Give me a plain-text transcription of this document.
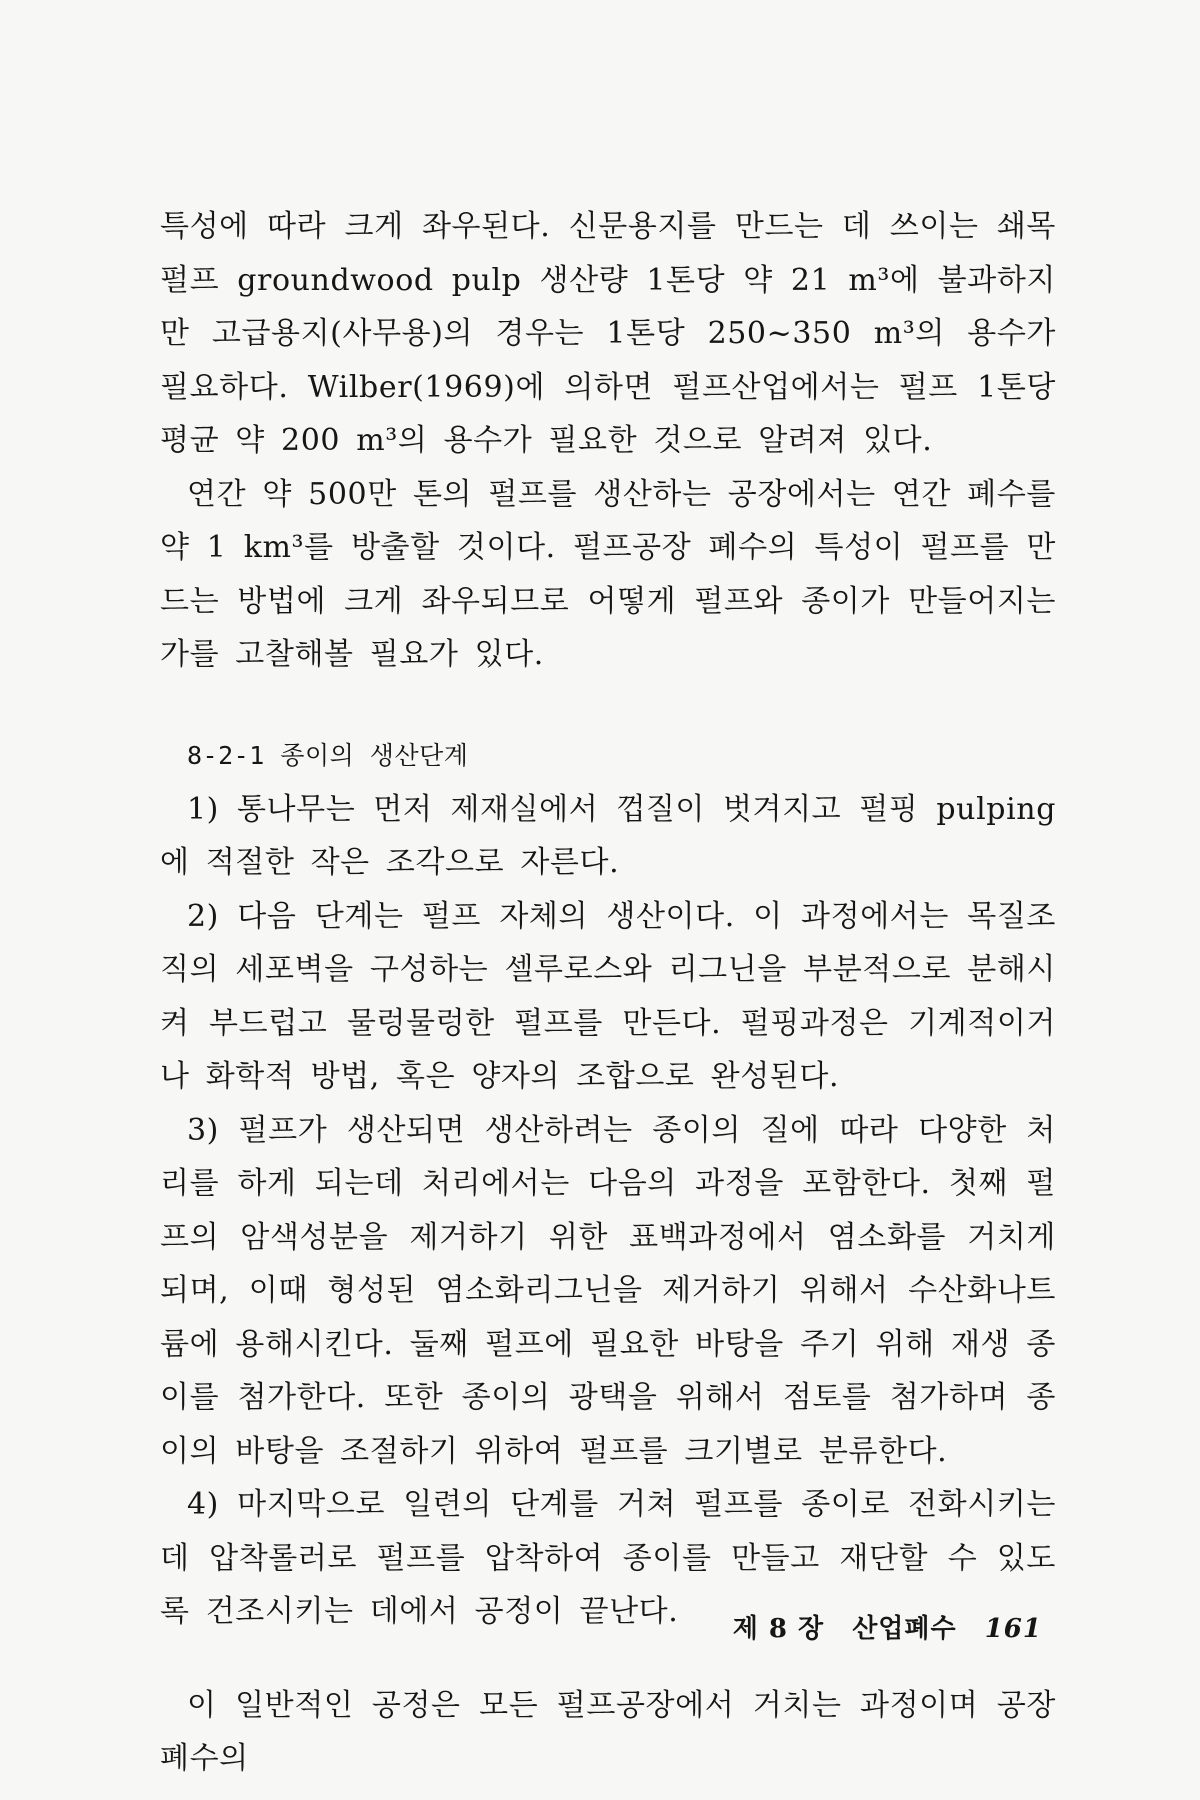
특성에 따라 크게 좌우된다. 신문용지를 만드는 데 쓰이는 쇄목펄프 groundwood pulp 생산량 1톤당 약 21 m³에 불과하지만 고급용지(사무용)의 경우는 1톤당 250~350 m³의 용수가 필요하다. Wilber(1969)에 의하면 펄프산업에서는 펄프 1톤당 평균 약 200 m³의 용수가 필요한 것으로 알려져 있다.

연간 약 500만 톤의 펄프를 생산하는 공장에서는 연간 폐수를 약 1 km³를 방출할 것이다. 펄프공장 폐수의 특성이 펄프를 만드는 방법에 크게 좌우되므로 어떻게 펄프와 종이가 만들어지는가를 고찰해볼 필요가 있다.

8-2-1 종이의 생산단계

1) 통나무는 먼저 제재실에서 껍질이 벗겨지고 펄핑 pulping에 적절한 작은 조각으로 자른다.

2) 다음 단계는 펄프 자체의 생산이다. 이 과정에서는 목질조직의 세포벽을 구성하는 셀루로스와 리그닌을 부분적으로 분해시켜 부드럽고 물렁물렁한 펄프를 만든다. 펄핑과정은 기계적이거나 화학적 방법, 혹은 양자의 조합으로 완성된다.

3) 펄프가 생산되면 생산하려는 종이의 질에 따라 다양한 처리를 하게 되는데 처리에서는 다음의 과정을 포함한다. 첫째 펄프의 암색성분을 제거하기 위한 표백과정에서 염소화를 거치게 되며, 이때 형성된 염소화리그닌을 제거하기 위해서 수산화나트륨에 용해시킨다. 둘째 펄프에 필요한 바탕을 주기 위해 재생 종이를 첨가한다. 또한 종이의 광택을 위해서 점토를 첨가하며 종이의 바탕을 조절하기 위하여 펄프를 크기별로 분류한다.

4) 마지막으로 일련의 단계를 거쳐 펄프를 종이로 전화시키는데 압착롤러로 펄프를 압착하여 종이를 만들고 재단할 수 있도록 건조시키는 데에서 공정이 끝난다.

이 일반적인 공정은 모든 펄프공장에서 거치는 과정이며 공장폐수의

제 8 장 산업폐수 161
